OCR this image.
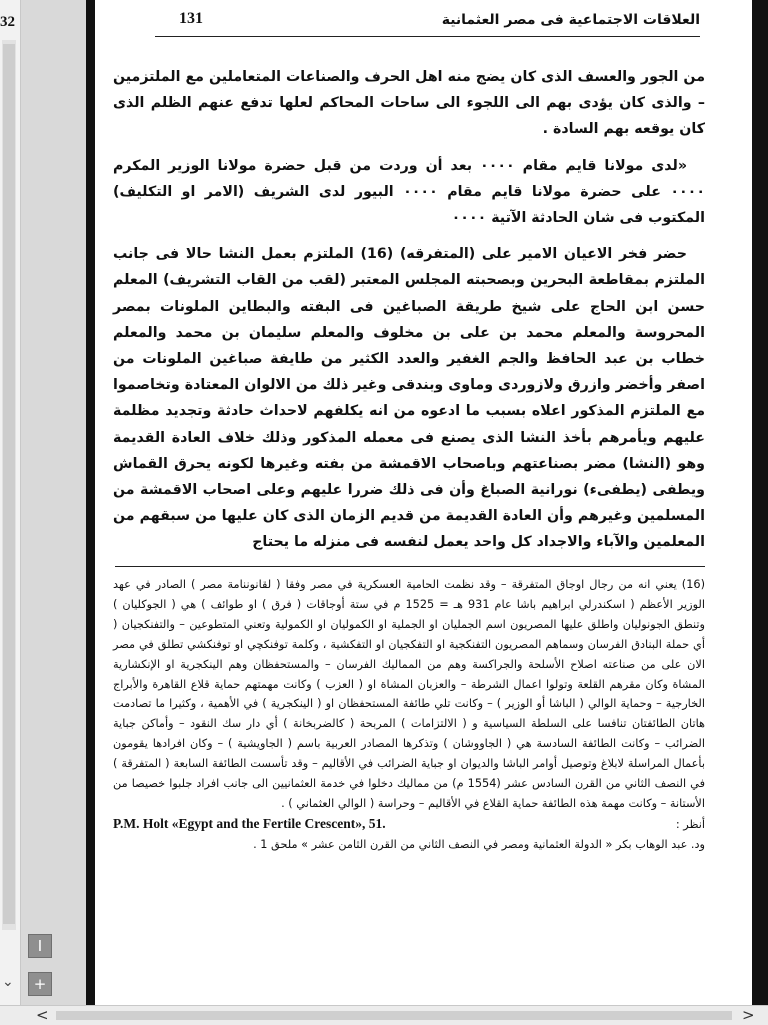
32
⌄
I
+
131	العلاقات الاجتماعية فى مصر العثمانية

من الجور والعسف الذى كان يضج منه اهل الحرف والصناعات المتعاملين مع الملتزمين – والذى كان يؤدى بهم الى اللجوء الى ساحات المحاكم لعلها تدفع عنهم الظلم الذى كان يوقعه بهم السادة .

«لدى مولانا قايم مقام ٠٠٠٠ بعد أن وردت من قبل حضرة مولانا الوزير المكرم ٠٠٠٠ على حضرة مولانا قايم مقام ٠٠٠٠ البيور لدى الشريف (الامر او التكليف) المكتوب فى شان الحادثة الآتية ٠٠٠٠

حضر فخر الاعيان الامير على (المتفرقه) (16) الملتزم بعمل النشا حالا فى جانب الملتزم بمقاطعة البحرين وبصحبته المجلس المعتبر (لقب من القاب التشريف) المعلم حسن ابن الحاج على شيخ طريقة الصباغين فى البفته والبطاين الملونات بمصر المحروسة والمعلم محمد بن على بن مخلوف والمعلم سليمان بن محمد والمعلم خطاب بن عبد الحافظ والجم الغفير والعدد الكثير من طايفة صباغين الملونات من اصفر وأخضر وازرق ولازوردى وماوى وبندقى وغير ذلك من الالوان المعتادة وتخاصموا مع الملتزم المذكور اعلاه بسبب ما ادعوه من انه يكلفهم لاحداث حادثة وتجديد مظلمة عليهم ويأمرهم بأخذ النشا الذى يصنع فى معمله المذكور وذلك خلاف العادة القديمة وهو (النشا) مضر بصناعتهم وباصحاب الاقمشة من بفته وغيرها لكونه يحرق القماش ويطفى (يطفىء) نورانية الصباغ وأن فى ذلك ضررا عليهم وعلى اصحاب الاقمشة من المسلمين وغيرهم وأن العادة القديمة من قديم الزمان الذى كان عليها من سبقهم من المعلمين والآباء والاجداد كل واحد يعمل لنفسه فى منزله ما يحتاج

(16) يعني انه من رجال اوجاق المتفرقة – وقد نظمت الحامية العسكرية في مصر وفقا ( لقانوننامة مصر ) الصادر في عهد الوزير الأعظم ( اسكندرلي ابراهيم باشا عام 931 هـ = 1525 م في ستة أوجاقات ( فرق ) او طوائف ) هي ( الجوكليان ) وتنطق الجونوليان واطلق عليها المصريون اسم الجمليان او الجملية او الكمولیان او الكمولية وتعني المتطوعين – والتفنكجيان ( أي حملة البنادق الفرسان وسماهم المصريون التفنكجية او التفكجيان او التفكشية ، وكلمة توفنكچي او توفنكشي تطلق في مصر الان على من صناعته اصلاح الأسلحة والجراكسة وهم من المماليك الفرسان – والمستحفظان وهم الينكجرية او الإنكشارية المشاة وكان مقرهم القلعة وتولوا اعمال الشرطة – والعزبان المشاة او ( العزب ) وكانت مهمتهم حماية قلاع القاهرة والأبراج الخارجية – وحماية الوالي ( الباشا أو الوزير ) – وكانت تلي طائفة المستحفظان او ( الينكجرية ) في الأهمية ، وكثيرا ما تصادمت هاتان الطائفتان تنافسا على السلطة السياسية و ( الالتزامات ) المربحة ( كالضربخانة ) أي دار سك النقود – وأماكن جباية الضرائب – وكانت الطائفة السادسة هي ( الجاووشان ) وتذكرها المصادر العربية باسم ( الجاويشية ) – وكان افرادها يقومون بأعمال المراسلة لابلاغ وتوصيل أوامر الباشا والديوان او جباية الضرائب في الأقاليم – وقد تأسست الطائفة السابعة ( المتفرقة ) في النصف الثاني من القرن السادس عشر (1554 م) من مماليك دخلوا في خدمة العثمانيين الى جانب افراد جلبوا خصيصا من الأستانة – وكانت مهمة هذه الطائفة حماية القلاع في الأقاليم – وحراسة ( الوالي العثماني ) .

أنظر :
P.M. Holt «Egypt and the Fertile Crescent», 51.

ود. عبد الوهاب بكر « الدولة العثمانية ومصر في النصف الثاني من القرن الثامن عشر » ملحق 1 .

<	>
